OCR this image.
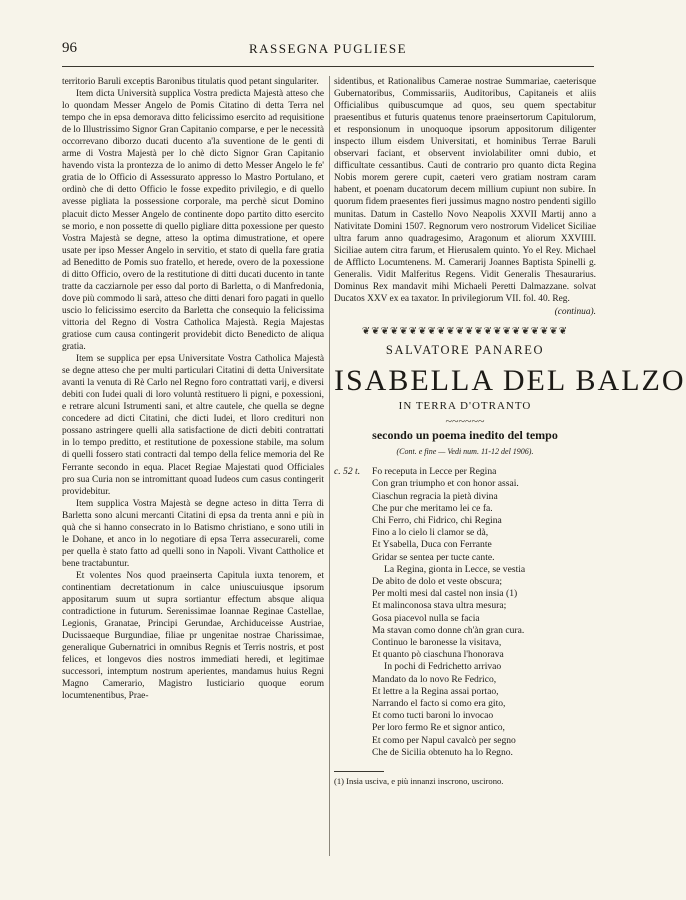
96	RASSEGNA PUGLIESE

territorio Baruli exceptis Baronibus titulatis quod petant singulariter.

Item dicta Università supplica Vostra predicta Majestà atteso che lo quondam Messer Angelo de Pomis Citatino di detta Terra nel tempo che in epsa demorava ditto felicissimo esercito ad requisitione de lo Illustrissimo Signor Gran Capitanio comparse, e per le necessità occorrevano diborzo ducati ducento a'la suventione de le genti di arme di Vostra Majestà per lo chè dicto Signor Gran Capitanio havendo vista la prontezza de lo animo di detto Messer Angelo le fe' gratia de lo Officio di Assessurato appresso lo Mastro Portulano, et ordinò che di detto Officio le fosse expedito privilegio, e di quello avesse pigliata la possessione corporale, ma perchè sicut Domino placuit dicto Messer Angelo de continente dopo partito ditto esercito se morio, e non possette di quello pigliare ditta poxessione per questo Vostra Majestà se degne, atteso la optima dimustratione, et opere usate per ipso Messer Angelo in servitio, et stato di quella fare gratia ad Beneditto de Pomis suo fratello, et herede, overo de la poxessione di ditto Officio, overo de la restitutione di ditti ducati ducento in tante tratte da cacziarnole per esso dal porto di Barletta, o di Manfredonia, dove più commodo li sarà, atteso che ditti denari foro pagati in quello uscio lo felicissimo esercito da Barletta che consequio la felicissima vittoria del Regno di Vostra Catholica Majestà. Regia Majestas gratiose cum causa contingerit providebit dicto Benedicto de aliqua gratia.

Item se supplica per epsa Universitate Vostra Catholica Majestà se degne atteso che per multi particulari Citatini di detta Universitate avanti la venuta di Rè Carlo nel Regno foro contrattati varij, e diversi debiti con Iudei quali di loro voluntà restituero li pigni, e poxessioni, e retrare alcuni Istrumenti sani, et altre cautele, che quella se degne concedere ad dicti Citatini, che dicti Iudei, et lloro crediturі non possano astringere quelli alla satisfactione de dicti debiti contrattati in lo tempo preditto, et restitutione de poxessione stabile, ma solum di quelli fossero stati contracti dal tempo della felice memoria del Re Ferrante secondo in equa. Placet Regiae Majestati quod Officiales pro sua Curia non se intromittant quoad Iudeos cum casus contingerit providebitur.

Item supplica Vostra Majestà se degne acteso in ditta Terra di Barletta sono alcuni mercanti Citatini di epsa da trenta anni e più in quà che si hanno consecrato in lo Batismo christiano, e sono utili in le Dohane, et ancо in lo negotiare di epsa Terra assecurareli, come per quella è stato fatto ad quelli sono in Napoli. Vivant Cattholice et bene tractabuntur.

Et volentes Nos quod praeinserta Capitula iuxta tenorem, et continentiam decretationum in calce uniuscuiusque ipsorum appositarum suum ut supra sortiantur effectum absque aliqua contradictione in futurum. Serenissimae Ioannae Reginae Castellae, Legionis, Granatae, Principi Gerundae, Archiduceisse Austriae, Ducissaeque Burgundiae, filiae pr ungenitae nostrae Charissimae, generalique Gubernatrici in omnibus Regnis et Terris nostris, et post felices, et longevos dies nostros immediati heredi, et legitimae successori, intemptum nostrum aperientes, mandamus huius Regni Magno Camerario, Magistro Iusticiario quoque eorum locumtenentibus, Prae-

sidentibus, et Rationalibus Camerae nostrae Summariae, caeterisque Gubernatoribus, Commissariis, Auditoribus, Capitaneis et aliis Officialibus quibuscumque ad quos, seu quem spectabitur praesentibus et futuris quatenus tenore praeinsertorum Capitulorum, et responsionum in unoquoque ipsorum appositorum diligenter inspecto illum eisdem Universitati, et hominibus Terrae Baruli observari faciant, et observent inviolabiliter omni dubio, et difficultate cessantibus. Cauti de contrario pro quanto dicta Regina Nobis morem gerere cupit, caeteri vero gratiam nostram caram habent, et poenam ducatorum decem millium cupiunt non subire. In quorum fidem praesentes fieri jussimus magno nostro pendenti sigillo munitas. Datum in Castello Novo Neapolis XXVII Martij anno a Nativitate Domini 1507. Regnorum vero nostrorum Videlicet Siciliae ultra farum anno quadragesimo, Aragonum et aliorum XXVIIII. Siciliae autem citra farum, et Hierusalem quinto. Yo el Rey. Michael de Afflicto Locumtenens. M. Camerarij Joannes Baptista Spinelli g. Generalis. Vidit Malferitus Regens. Vidit Generalis Thesaurarius. Dominus Rex mandavit mihi Michaeli Peretti Dalmazzane. solvat Ducatos XXV ex ea taxator. In privilegiorum VII. fol. 40. Reg.

(continua).
❦❦❦❦❦❦❦❦❦❦❦❦❦❦❦❦❦❦❦❦❦❦
SALVATORE PANAREO
ISABELLA DEL BALZO
IN TERRA D'OTRANTO
~~~~~~
secondo un poema inedito del tempo
(Cont. e fine — Vedi num. 11-12 del 1906).
c. 52 t.	Fo receputa in Lecce per Regina
Con gran triumpho et con honor assai.
Ciaschun regracia la pietà divina
Che pur che meritamo lei ce fa.
Chi Ferro, chi Fidrico, chi Regina
Fino a lo cielo li clamor se dà,
Et Ysabella, Duca con Ferrante
Gridar se sentea per tucte cante.
La Regina, gionta in Lecce, se vestia
De abito de dolo et veste obscura;
Per molti mesi dal castel non insia (1)
Et malinconosa stava ultra mesura;
Gosa piacevol nulla se facia
Ma stavan como donne ch'àn gran cura.
Continuo le baronesse la visitava,
Et quanto pò ciaschuna l'honorava
In pochi di Fedrichetto arrivao
Mandato da lo novo Re Fedrico,
Et lettre a la Regina assai portao,
Narrando el facto si como era gito,
Et como tucti baroni lo invocao
Per loro fermo Re et signor antico,
Et como per Napul cavalcò per segno
Che de Sicilia obtenuto ha lo Regno.
(1) Insia usciva, e più innanzi inscrono, uscirono.
